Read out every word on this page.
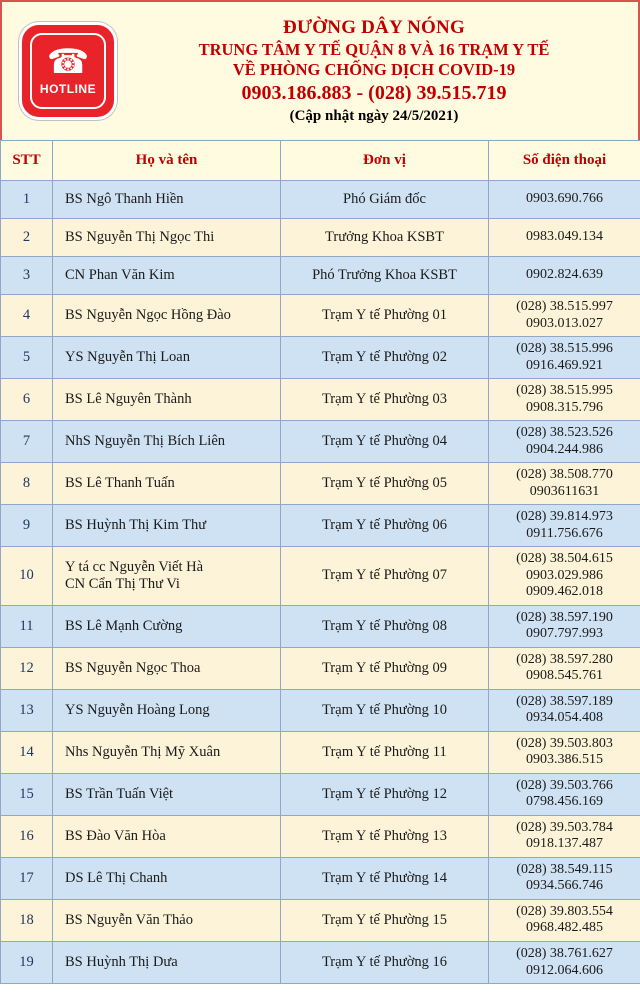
☎
HOTLINE
ĐƯỜNG DÂY NÓNG
TRUNG TÂM Y TẾ QUẬN 8 VÀ 16 TRẠM Y TẾ
VỀ PHÒNG CHỐNG DỊCH COVID-19
0903.186.883 - (028) 39.515.719
(Cập nhật ngày 24/5/2021)
STT	Họ và tên	Đơn vị	Số điện thoại
1	BS Ngô Thanh Hiền	Phó Giám đốc	0903.690.766

2	BS Nguyễn Thị Ngọc Thi	Trưởng Khoa KSBT	0983.049.134

3	CN Phan Văn Kim	Phó Trưởng Khoa KSBT	0902.824.639

4	BS Nguyễn Ngọc Hồng Đào	Trạm Y tế Phường 01	(028) 38.515.997
0903.013.027

5	YS Nguyễn Thị Loan	Trạm Y tế Phường 02	(028) 38.515.996
0916.469.921

6	BS Lê Nguyên Thành	Trạm Y tế Phường 03	(028) 38.515.995
0908.315.796

7	NhS Nguyễn Thị Bích Liên	Trạm Y tế Phường 04	(028) 38.523.526
0904.244.986

8	BS Lê Thanh Tuấn	Trạm Y tế Phường 05	(028) 38.508.770
0903611631

9	BS Huỳnh Thị Kim Thư	Trạm Y tế Phường 06	(028) 39.814.973
0911.756.676

10	Y tá cc Nguyễn Viết Hà
CN Cẩn Thị Thư Vi	Trạm Y tế Phường 07	(028) 38.504.615
0903.029.986
0909.462.018

11	BS Lê Mạnh Cường	Trạm Y tế Phường 08	(028) 38.597.190
0907.797.993

12	BS Nguyễn Ngọc Thoa	Trạm Y tế Phường 09	(028) 38.597.280
0908.545.761

13	YS Nguyễn Hoàng Long	Trạm Y tế Phường 10	(028) 38.597.189
0934.054.408

14	Nhs Nguyễn Thị Mỹ Xuân	Trạm Y tế Phường 11	(028) 39.503.803
0903.386.515

15	BS Trần Tuấn Việt	Trạm Y tế Phường 12	(028) 39.503.766
0798.456.169

16	BS Đào Văn Hòa	Trạm Y tế Phường 13	(028) 39.503.784
0918.137.487

17	DS Lê Thị Chanh	Trạm Y tế Phường 14	(028) 38.549.115
0934.566.746

18	BS Nguyễn Văn Thảo	Trạm Y tế Phường 15	(028) 39.803.554
0968.482.485

19	BS Huỳnh Thị Dưa	Trạm Y tế Phường 16	(028) 38.761.627
0912.064.606
